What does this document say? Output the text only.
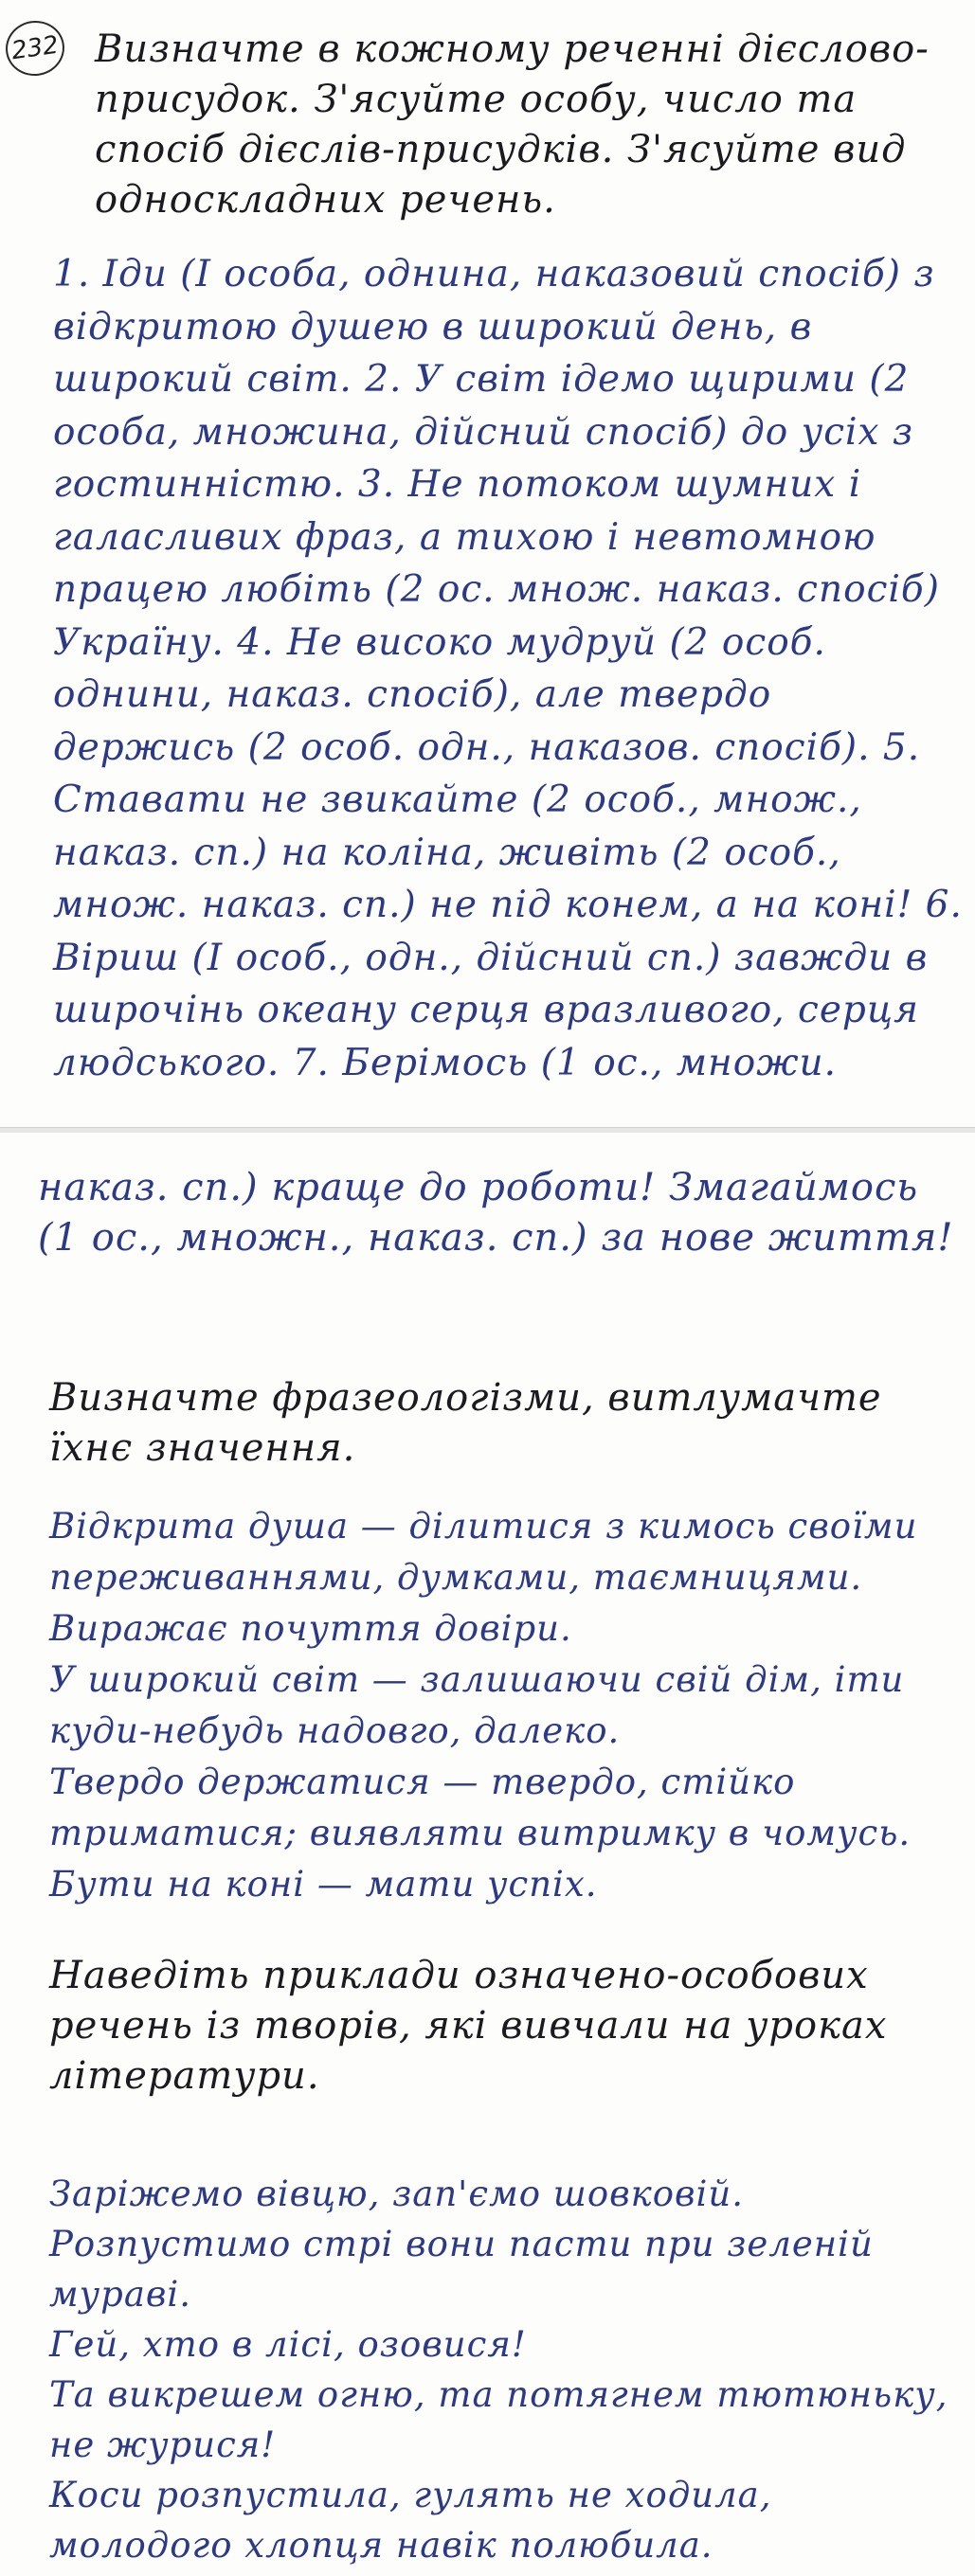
232 Визначте в кожному реченні дієслово-присудок. З'ясуйте особу, число та спосіб дієслів-присудків. З'ясуйте вид односкладних речень.
1. Іди (І особа, однина, наказовий спосіб) з відкритою душею в широкий день, в широкий світ. 2. У світ ідемо щирими (2 особа, множина, дійсний спосіб) до усіх з гостинністю. 3. Не потоком шумних і галасливих фраз, а тихою і невтомною працею любіть (2 ос. множ. наказ. спосіб) Україну. 4. Не високо мудруй (2 особ. однини, наказ. спосіб), але твердо держись (2 особ. одн., наказов. спосіб). 5. Ставати не звикайте (2 особ., множ., наказ. сп.) на коліна, живіть (2 особ., множ. наказ. сп.) не під конем, а на коні! 6. Віриш (І особ., одн., дійсний сп.) завжди в широчінь океану серця вразливого, серця людського. 7. Берімось (1 ос., множи.
наказ. сп.) краще до роботи! Змагаймось (1 ос., множн., наказ. сп.) за нове життя!
Визначте фразеологізми, витлумачте їхнє значення.
Відкрита душа — ділитися з кимось своїми переживаннями, думками, таємницями. Виражає почуття довіри.
У широкий світ — залишаючи свій дім, іти куди-небудь надовго, далеко.
Твердо держатися — твердо, стійко триматися; виявляти витримку в чомусь.
Бути на коні — мати успіх.
Наведіть приклади означено-особових речень із творів, які вивчали на уроках літератури.
Заріжемо вівцю, зап'ємо шовковій.
Розпустимо стрі вони пасти при зеленій мураві.
Гей, хто в лісі, озовися!
Та викрешем огню, та потягнем тютюньку, не журися!
Коси розпустила, гулять не ходила, молодого хлопця навік полюбила.
